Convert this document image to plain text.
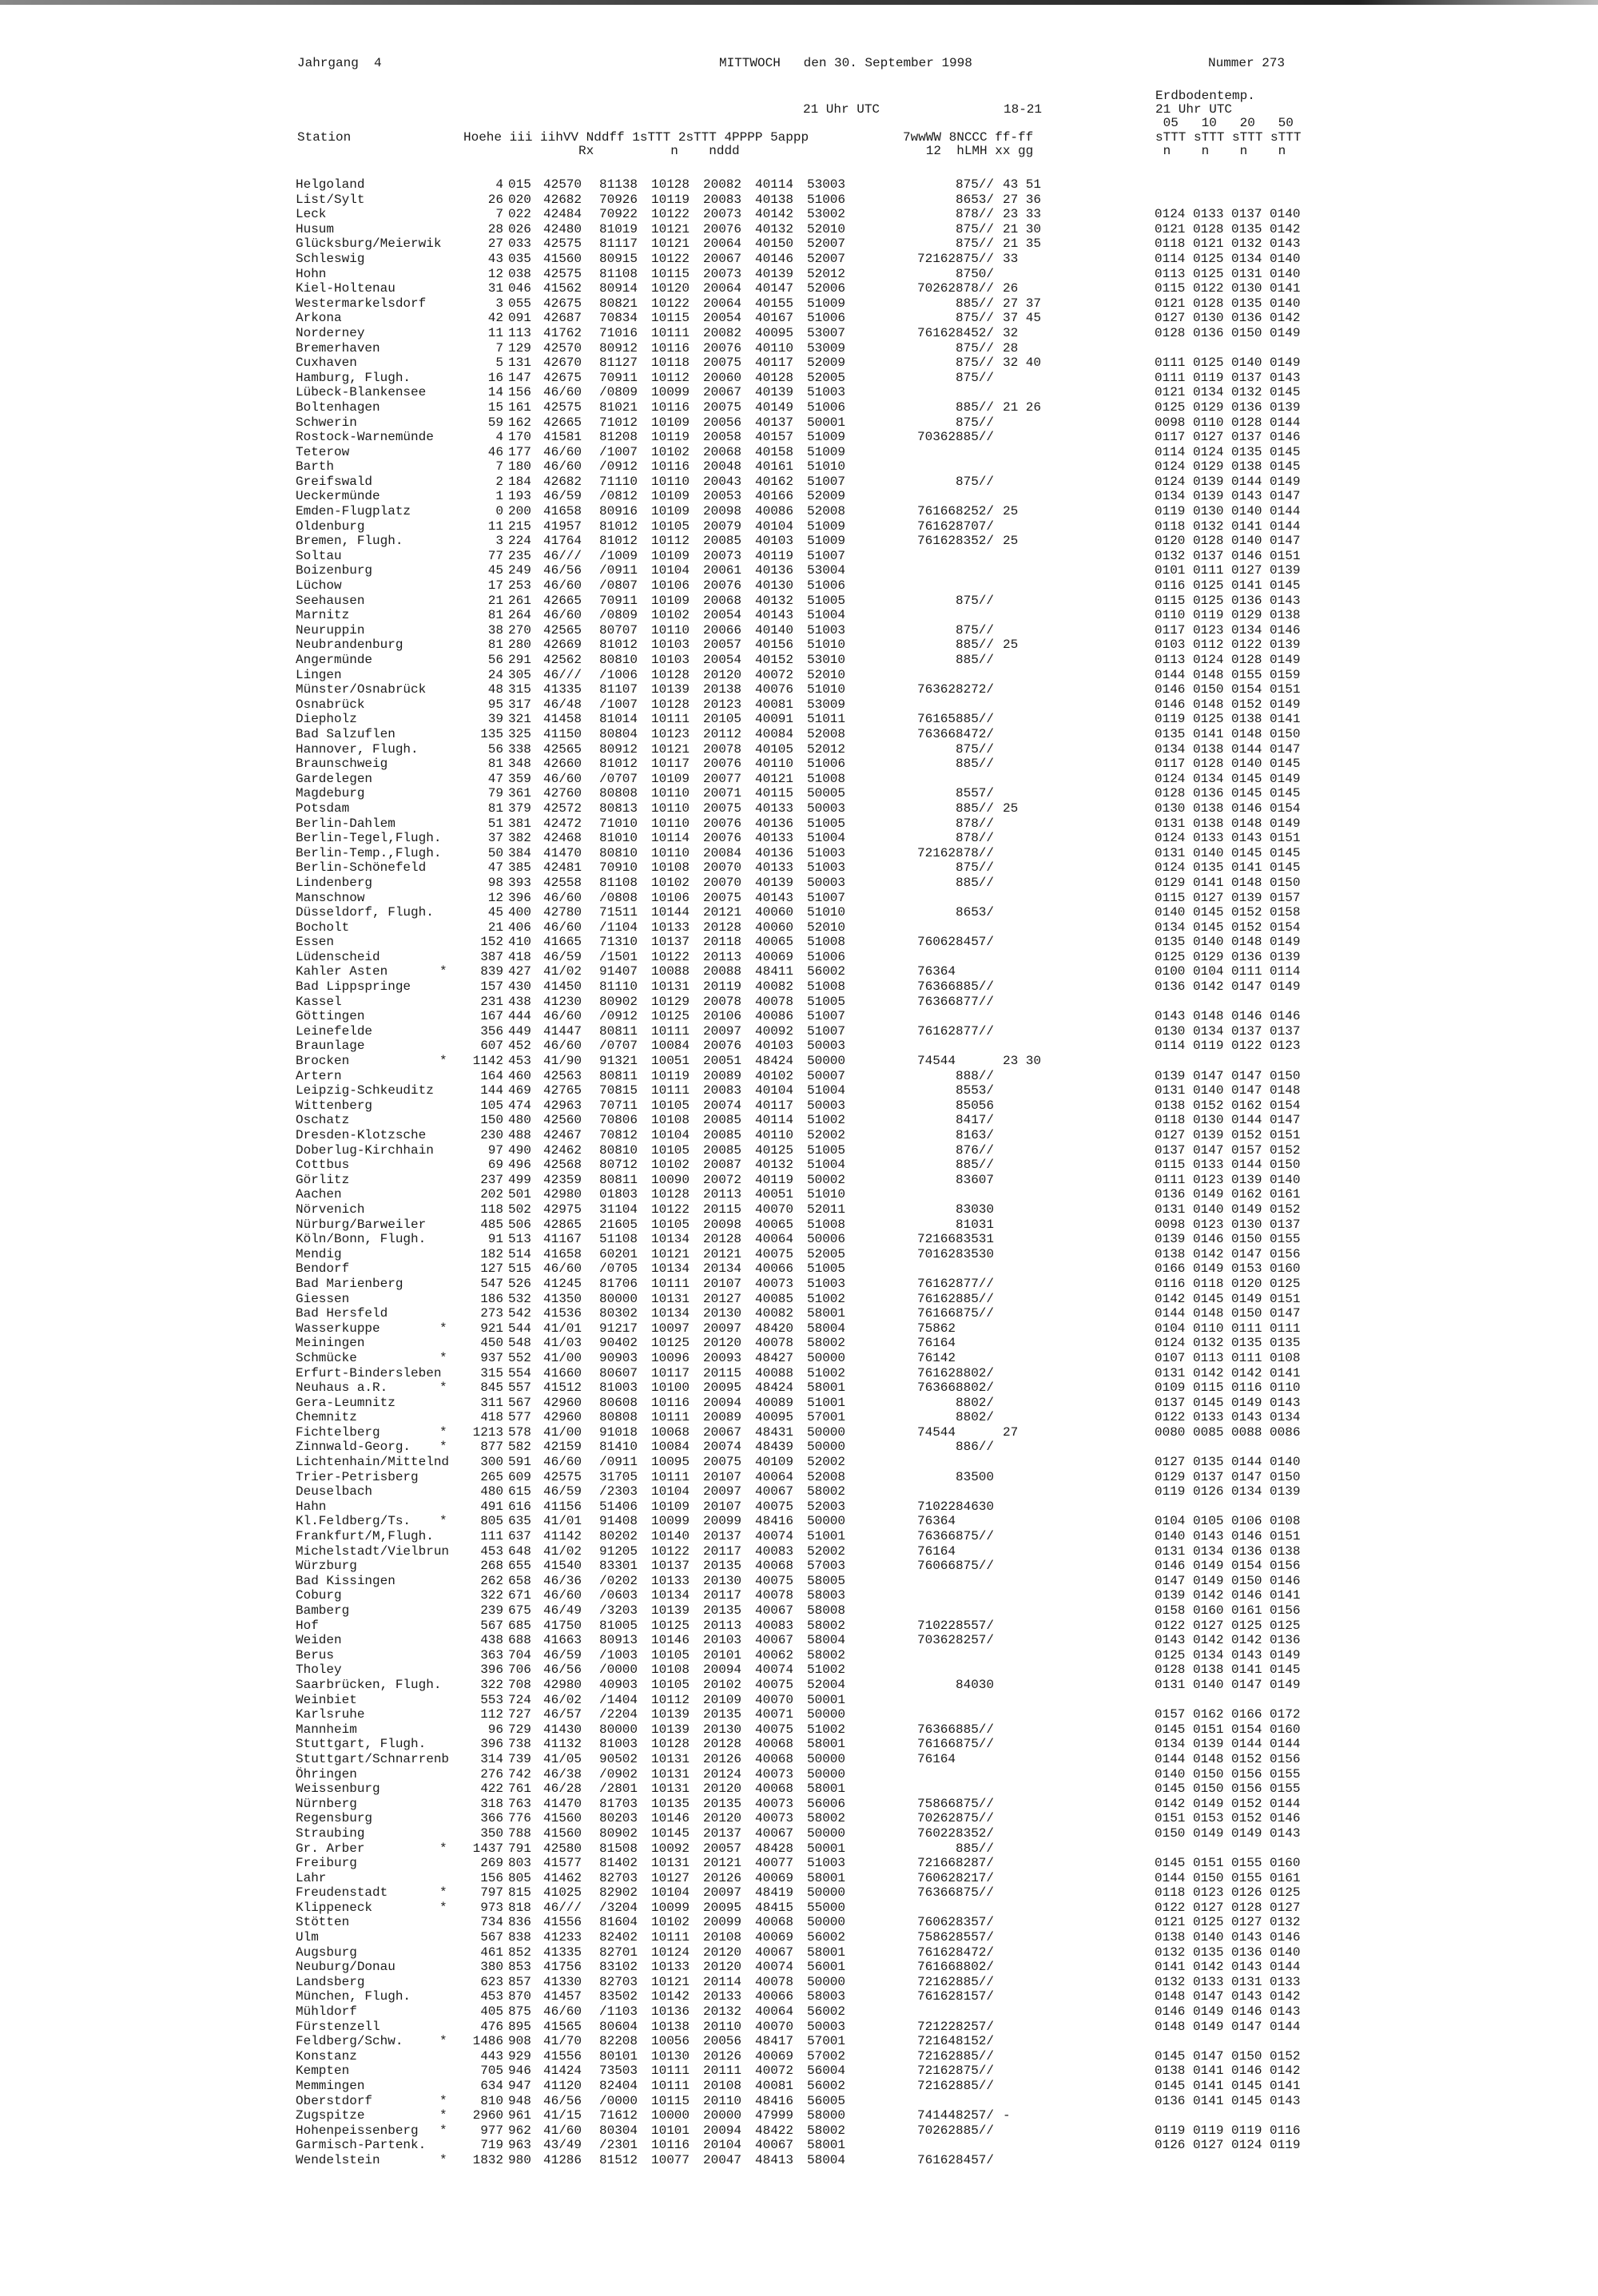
Jahrgang  4	MITTWOCH   den 30. September 1998	Nummer 273
Erdbodentemp.
21 Uhr UTC	18-21	21 Uhr UTC
05   10   20   50
Station	Hoehe iii iihVV Nddff 1sTTT 2sTTT 4PPPP 5appp
Rx          n    nddd
7wwWW 8NCCC ff-ff
12  hLMH xx gg
sTTT sTTT sTTT sTTT
n    n    n    n
Helgoland	4 015 42570 81138 10128 20082 40114 53003	875// 43 51
List/Sylt	26 020 42682 70926 10119 20083 40138 51006	8653/ 27 36
Leck	7 022 42484 70922 10122 20073 40142 53002	878// 23 33	0124 0133 0137 0140
Husum	28 026 42480 81019 10121 20076 40132 52010	875// 21 30	0121 0128 0135 0142
Glücksburg/Meierwik	27 033 42575 81117 10121 20064 40150 52007	875// 21 35	0118 0121 0132 0143
Schleswig	43 035 41560 80915 10122 20067 40146 52007	72162 875// 33	0114 0125 0134 0140
Hohn	12 038 42575 81108 10115 20073 40139 52012	8750/	0113 0125 0131 0140
Kiel-Holtenau	31 046 41562 80914 10120 20064 40147 52006	70262 878// 26	0115 0122 0130 0141
Westermarkelsdorf	3 055 42675 80821 10122 20064 40155 51009	885// 27 37	0121 0128 0135 0140
Arkona	42 091 42687 70834 10115 20054 40167 51006	875// 37 45	0127 0130 0136 0142
Norderney	11 113 41762 71016 10111 20082 40095 53007	76162 8452/ 32	0128 0136 0150 0149
Bremerhaven	7 129 42570 80912 10116 20076 40110 53009	875// 28
Cuxhaven	5 131 42670 81127 10118 20075 40117 52009	875// 32 40	0111 0125 0140 0149
Hamburg, Flugh.	16 147 42675 70911 10112 20060 40128 52005	875//	0111 0119 0137 0143
Lübeck-Blankensee	14 156 46/60 /0809 10099 20067 40139 51003	0121 0134 0132 0145
Boltenhagen	15 161 42575 81021 10116 20075 40149 51006	885// 21 26	0125 0129 0136 0139
Schwerin	59 162 42665 71012 10109 20056 40137 50001	875//	0098 0110 0128 0144
Rostock-Warnemünde	4 170 41581 81208 10119 20058 40157 51009	70362 885//	0117 0127 0137 0146
Teterow	46 177 46/60 /1007 10102 20068 40158 51009	0114 0124 0135 0145
Barth	7 180 46/60 /0912 10116 20048 40161 51010	0124 0129 0138 0145
Greifswald	2 184 42682 71110 10110 20043 40162 51007	875//	0124 0139 0144 0149
Ueckermünde	1 193 46/59 /0812 10109 20053 40166 52009	0134 0139 0143 0147
Emden-Flugplatz	0 200 41658 80916 10109 20098 40086 52008	76166 8252/ 25	0119 0130 0140 0144
Oldenburg	11 215 41957 81012 10105 20079 40104 51009	76162 8707/	0118 0132 0141 0144
Bremen, Flugh.	3 224 41764 81012 10112 20085 40103 51009	76162 8352/ 25	0120 0128 0140 0147
Soltau	77 235 46/// /1009 10109 20073 40119 51007	0132 0137 0146 0151
Boizenburg	45 249 46/56 /0911 10104 20061 40136 53004	0101 0111 0127 0139
Lüchow	17 253 46/60 /0807 10106 20076 40130 51006	0116 0125 0141 0145
Seehausen	21 261 42665 70911 10109 20068 40132 51005	875//	0115 0125 0136 0143
Marnitz	81 264 46/60 /0809 10102 20054 40143 51004	0110 0119 0129 0138
Neuruppin	38 270 42565 80707 10110 20066 40140 51003	875//	0117 0123 0134 0146
Neubrandenburg	81 280 42669 81012 10103 20057 40156 51010	885// 25	0103 0112 0122 0139
Angermünde	56 291 42562 80810 10103 20054 40152 53010	885//	0113 0124 0128 0149
Lingen	24 305 46/// /1006 10128 20120 40072 52010	0144 0148 0155 0159
Münster/Osnabrück	48 315 41335 81107 10139 20138 40076 51010	76362 8272/	0146 0150 0154 0151
Osnabrück	95 317 46/48 /1007 10128 20123 40081 53009	0146 0148 0152 0149
Diepholz	39 321 41458 81014 10111 20105 40091 51011	76165 885//	0119 0125 0138 0141
Bad Salzuflen	135 325 41150 80804 10123 20112 40084 52008	76366 8472/	0135 0141 0148 0150
Hannover, Flugh.	56 338 42565 80912 10121 20078 40105 52012	875//	0134 0138 0144 0147
Braunschweig	81 348 42660 81012 10117 20076 40110 51006	885//	0117 0128 0140 0145
Gardelegen	47 359 46/60 /0707 10109 20077 40121 51008	0124 0134 0145 0149
Magdeburg	79 361 42760 80808 10110 20071 40115 50005	8557/	0128 0136 0145 0145
Potsdam	81 379 42572 80813 10110 20075 40133 50003	885// 25	0130 0138 0146 0154
Berlin-Dahlem	51 381 42472 71010 10110 20076 40136 51005	878//	0131 0138 0148 0149
Berlin-Tegel,Flugh.	37 382 42468 81010 10114 20076 40133 51004	878//	0124 0133 0143 0151
Berlin-Temp.,Flugh.	50 384 41470 80810 10110 20084 40136 51003	72162 878//	0131 0140 0145 0145
Berlin-Schönefeld	47 385 42481 70910 10108 20070 40133 51003	875//	0124 0135 0141 0145
Lindenberg	98 393 42558 81108 10102 20070 40139 50003	885//	0129 0141 0148 0150
Manschnow	12 396 46/60 /0808 10106 20075 40143 51007	0115 0127 0139 0157
Düsseldorf, Flugh.	45 400 42780 71511 10144 20121 40060 51010	8653/	0140 0145 0152 0158
Bocholt	21 406 46/60 /1104 10133 20128 40060 52010	0134 0145 0152 0154
Essen	152 410 41665 71310 10137 20118 40065 51008	76062 8457/	0135 0140 0148 0149
Lüdenscheid	387 418 46/59 /1501 10122 20113 40069 51006	0125 0129 0136 0139
Kahler Asten	*	839 427 41/02 91407 10088 20088 48411 56002	76364	0100 0104 0111 0114
Bad Lippspringe	157 430 41450 81110 10131 20119 40082 51008	76366 885//	0136 0142 0147 0149
Kassel	231 438 41230 80902 10129 20078 40078 51005	76366 877//
Göttingen	167 444 46/60 /0912 10125 20106 40086 51007	0143 0148 0146 0146
Leinefelde	356 449 41447 80811 10111 20097 40092 51007	76162 877//	0130 0134 0137 0137
Braunlage	607 452 46/60 /0707 10084 20076 40103 50003	0114 0119 0122 0123
Brocken	*	1142 453 41/90 91321 10051 20051 48424 50000	74544	23 30
Artern	164 460 42563 80811 10119 20089 40102 50007	888//	0139 0147 0147 0150
Leipzig-Schkeuditz	144 469 42765 70815 10111 20083 40104 51004	8553/	0131 0140 0147 0148
Wittenberg	105 474 42963 70711 10105 20074 40117 50003	85056	0138 0152 0162 0154
Oschatz	150 480 42560 70806 10108 20085 40114 51002	8417/	0118 0130 0144 0147
Dresden-Klotzsche	230 488 42467 70812 10104 20085 40110 52002	8163/	0127 0139 0152 0151
Doberlug-Kirchhain	97 490 42462 80810 10105 20085 40125 51005	876//	0137 0147 0157 0152
Cottbus	69 496 42568 80712 10102 20087 40132 51004	885//	0115 0133 0144 0150
Görlitz	237 499 42359 80811 10090 20072 40119 50002	83607	0111 0123 0139 0140
Aachen	202 501 42980 01803 10128 20113 40051 51010	0136 0149 0162 0161
Nörvenich	118 502 42975 31104 10122 20115 40070 52011	83030	0131 0140 0149 0152
Nürburg/Barweiler	485 506 42865 21605 10105 20098 40065 51008	81031	0098 0123 0130 0137
Köln/Bonn, Flugh.	91 513 41167 51108 10134 20128 40064 50006	72166 83531	0139 0146 0150 0155
Mendig	182 514 41658 60201 10121 20121 40075 52005	70162 83530	0138 0142 0147 0156
Bendorf	127 515 46/60 /0705 10134 20134 40066 51005	0166 0149 0153 0160
Bad Marienberg	547 526 41245 81706 10111 20107 40073 51003	76162 877//	0116 0118 0120 0125
Giessen	186 532 41350 80000 10131 20127 40085 51002	76162 885//	0142 0145 0149 0151
Bad Hersfeld	273 542 41536 80302 10134 20130 40082 58001	76166 875//	0144 0148 0150 0147
Wasserkuppe	*	921 544 41/01 91217 10097 20097 48420 58004	75862	0104 0110 0111 0111
Meiningen	450 548 41/03 90402 10125 20120 40078 58002	76164	0124 0132 0135 0135
Schmücke	*	937 552 41/00 90903 10096 20093 48427 50000	76142	0107 0113 0111 0108
Erfurt-Bindersleben	315 554 41660 80607 10117 20115 40088 51002	76162 8802/	0131 0142 0142 0141
Neuhaus a.R.	*	845 557 41512 81003 10100 20095 48424 58001	76366 8802/	0109 0115 0116 0110
Gera-Leumnitz	311 567 42960 80608 10116 20094 40089 51001	8802/	0137 0145 0149 0143
Chemnitz	418 577 42960 80808 10111 20089 40095 57001	8802/	0122 0133 0143 0134
Fichtelberg	*	1213 578 41/00 91018 10068 20067 48431 50000	74544	27	0080 0085 0088 0086
Zinnwald-Georg. *	877 582 42159 81410 10084 20074 48439 50000	886//
Lichtenhain/Mittelnd	300 591 46/60 /0911 10095 20075 40109 52002	0127 0135 0144 0140
Trier-Petrisberg	265 609 42575 31705 10111 20107 40064 52008	83500	0129 0137 0147 0150
Deuselbach	480 615 46/59 /2303 10104 20097 40067 58002	0119 0126 0134 0139
Hahn	491 616 41156 51406 10109 20107 40075 52003	71022 84630
Kl.Feldberg/Ts. *	805 635 41/01 91408 10099 20099 48416 50000	76364	0104 0105 0106 0108
Frankfurt/M,Flugh.	111 637 41142 80202 10140 20137 40074 51001	76366 875//	0140 0143 0146 0151
Michelstadt/Vielbrun	453 648 41/02 91205 10122 20117 40083 52002	76164	0131 0134 0136 0138
Würzburg	268 655 41540 83301 10137 20135 40068 57003	76066 875//	0146 0149 0154 0156
Bad Kissingen	262 658 46/36 /0202 10133 20130 40075 58005	0147 0149 0150 0146
Coburg	322 671 46/60 /0603 10134 20117 40078 58003	0139 0142 0146 0141
Bamberg	239 675 46/49 /3203 10139 20135 40067 58008	0158 0160 0161 0156
Hof	567 685 41750 81005 10125 20113 40083 58002	71022 8557/	0122 0127 0125 0125
Weiden	438 688 41663 80913 10146 20103 40067 58004	70362 8257/	0143 0142 0142 0136
Berus	363 704 46/59 /1003 10105 20101 40062 58002	0125 0134 0143 0149
Tholey	396 706 46/56 /0000 10108 20094 40074 51002	0128 0138 0141 0145
Saarbrücken, Flugh.	322 708 42980 40903 10105 20102 40075 52004	84030	0131 0140 0147 0149
Weinbiet	553 724 46/02 /1404 10112 20109 40070 50001
Karlsruhe	112 727 46/57 /2204 10139 20135 40071 50000	0157 0162 0166 0172
Mannheim	96 729 41430 80000 10139 20130 40075 51002	76366 885//	0145 0151 0154 0160
Stuttgart, Flugh.	396 738 41132 81003 10128 20128 40068 58001	76166 875//	0134 0139 0144 0144
Stuttgart/Schnarrenb	314 739 41/05 90502 10131 20126 40068 50000	76164	0144 0148 0152 0156
Öhringen	276 742 46/38 /0902 10131 20124 40073 50000	0140 0150 0156 0155
Weissenburg	422 761 46/28 /2801 10131 20120 40068 58001	0145 0150 0156 0155
Nürnberg	318 763 41470 81703 10135 20135 40073 56006	75866 875//	0142 0149 0152 0144
Regensburg	366 776 41560 80203 10146 20120 40073 58002	70262 875//	0151 0153 0152 0146
Straubing	350 788 41560 80902 10145 20137 40067 50000	76022 8352/	0150 0149 0149 0143
Gr. Arber	*	1437 791 42580 81508 10092 20057 48428 50001	885//
Freiburg	269 803 41577 81402 10131 20121 40077 51003	72166 8287/	0145 0151 0155 0160
Lahr	156 805 41462 82703 10127 20126 40069 58001	76062 8217/	0144 0150 0155 0161
Freudenstadt	*	797 815 41025 82902 10104 20097 48419 50000	76366 875//	0118 0123 0126 0125
Klippeneck	*	973 818 46/// /3204 10099 20095 48415 55000	0122 0127 0128 0127
Stötten	734 836 41556 81604 10102 20099 40068 50000	76062 8357/	0121 0125 0127 0132
Ulm	567 838 41233 82402 10111 20108 40069 56002	75862 8557/	0138 0140 0143 0146
Augsburg	461 852 41335 82701 10124 20120 40067 58001	76162 8472/	0132 0135 0136 0140
Neuburg/Donau	380 853 41756 83102 10133 20120 40074 56001	76166 8802/	0141 0142 0143 0144
Landsberg	623 857 41330 82703 10121 20114 40078 50000	72162 885//	0132 0133 0131 0133
München, Flugh.	453 870 41457 83502 10142 20133 40066 58003	76162 8157/	0148 0147 0143 0142
Mühldorf	405 875 46/60 /1103 10136 20132 40064 56002	0146 0149 0146 0143
Fürstenzell	476 895 41565 80604 10138 20110 40070 50003	72122 8257/	0148 0149 0147 0144
Feldberg/Schw.	*	1486 908 41/70 82208 10056 20056 48417 57001	72164 8152/
Konstanz	443 929 41556 80101 10130 20126 40069 57002	72162 885//	0145 0147 0150 0152
Kempten	705 946 41424 73503 10111 20111 40072 56004	72162 875//	0138 0141 0146 0142
Memmingen	634 947 41120 82404 10111 20108 40081 56002	72162 885//	0145 0141 0145 0141
Oberstdorf	*	810 948 46/56 /0000 10115 20110 48416 56005	0136 0141 0145 0143
Zugspitze	*	2960 961 41/15 71612 10000 20000 47999 58000	74144 8257/ -
Hohenpeissenberg *	977 962 41/60 80304 10101 20094 48422 58002	70262 885//	0119 0119 0119 0116
Garmisch-Partenk.	719 963 43/49 /2301 10116 20104 40067 58001	0126 0127 0124 0119
Wendelstein	*	1832 980 41286 81512 10077 20047 48413 58004	76162 8457/
